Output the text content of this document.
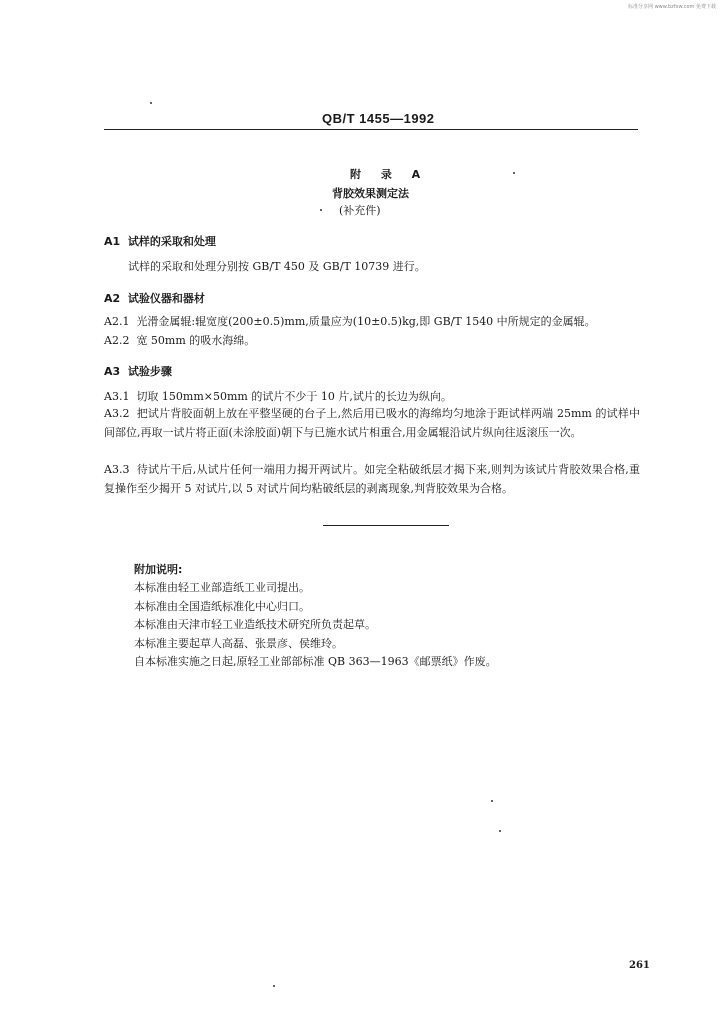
标准分享网 www.bzfxw.com 免费下载
QB/T 1455—1992
附 录 A
背胶效果测定法
(补充件)
A1 试样的采取和处理
试样的采取和处理分别按 GB/T 450 及 GB/T 10739 进行。
A2 试验仪器和器材
A2.1 光滑金属辊:辊宽度(200±0.5)mm,质量应为(10±0.5)kg,即 GB/T 1540 中所规定的金属辊。
A2.2 宽 50mm 的吸水海绵。
A3 试验步骤
A3.1 切取 150mm×50mm 的试片不少于 10 片,试片的长边为纵向。
A3.2 把试片背胶面朝上放在平整坚硬的台子上,然后用已吸水的海绵均匀地涂于距试样两端 25mm 的试样中间部位,再取一试片将正面(未涂胶面)朝下与已施水试片相重合,用金属辊沿试片纵向往返滚压一次。
A3.3 待试片干后,从试片任何一端用力揭开两试片。如完全粘破纸层才揭下来,则判为该试片背胶效果合格,重复操作至少揭开 5 对试片,以 5 对试片间均粘破纸层的剥离现象,判背胶效果为合格。
附加说明:
本标准由轻工业部造纸工业司提出。
本标准由全国造纸标准化中心归口。
本标准由天津市轻工业造纸技术研究所负责起草。
本标准主要起草人高磊、张景彦、侯维玲。
自本标准实施之日起,原轻工业部部标准 QB 363—1963《邮票纸》作废。
261
